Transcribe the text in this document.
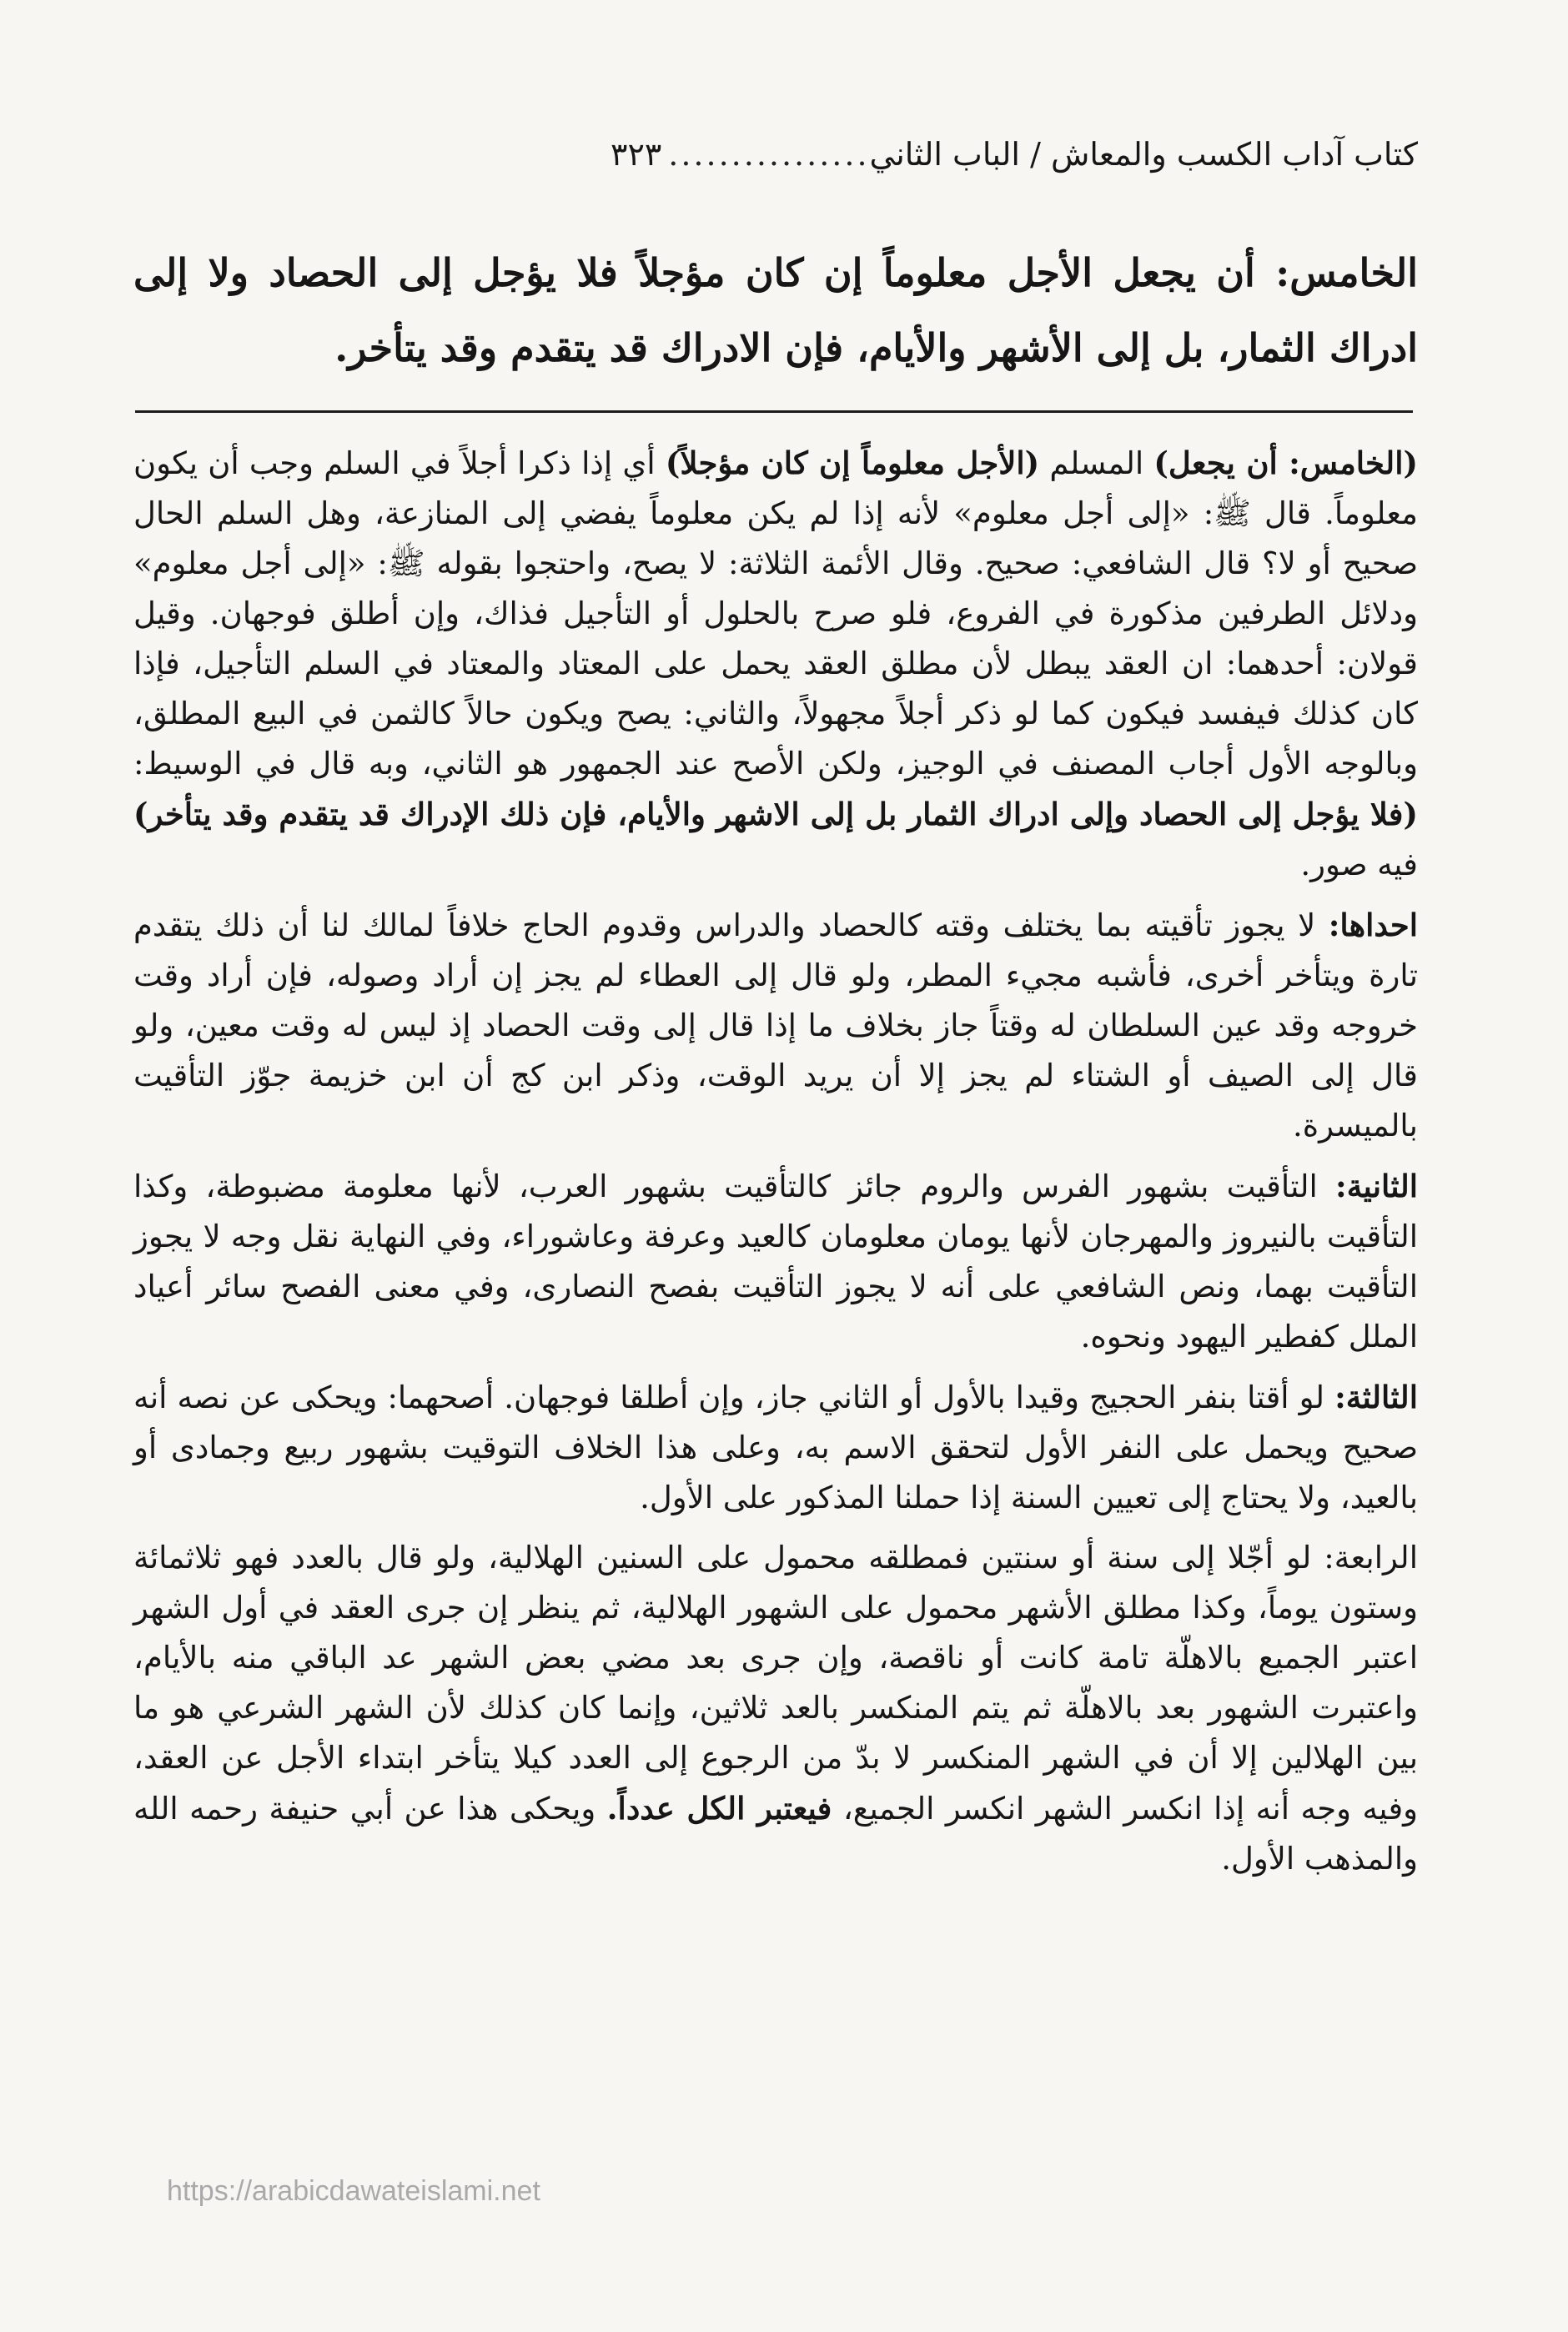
كتاب آداب الكسب والمعاش / الباب الثاني
................
٣٢٣
الخامس: أن يجعل الأجل معلوماً إن كان مؤجلاً فلا يؤجل إلى الحصاد ولا إلى ادراك الثمار، بل إلى الأشهر والأيام، فإن الادراك قد يتقدم وقد يتأخر.

(الخامس: أن يجعل) المسلم (الأجل معلوماً إن كان مؤجلاً) أي إذا ذكرا أجلاً في السلم وجب أن يكون معلوماً. قال ﷺ: «إلى أجل معلوم» لأنه إذا لم يكن معلوماً يفضي إلى المنازعة، وهل السلم الحال صحيح أو لا؟ قال الشافعي: صحيح. وقال الأئمة الثلاثة: لا يصح، واحتجوا بقوله ﷺ: «إلى أجل معلوم» ودلائل الطرفين مذكورة في الفروع، فلو صرح بالحلول أو التأجيل فذاك، وإن أطلق فوجهان. وقيل قولان: أحدهما: ان العقد يبطل لأن مطلق العقد يحمل على المعتاد والمعتاد في السلم التأجيل، فإذا كان كذلك فيفسد فيكون كما لو ذكر أجلاً مجهولاً، والثاني: يصح ويكون حالاً كالثمن في البيع المطلق، وبالوجه الأول أجاب المصنف في الوجيز، ولكن الأصح عند الجمهور هو الثاني، وبه قال في الوسيط: (فلا يؤجل إلى الحصاد وإلى ادراك الثمار بل إلى الاشهر والأيام، فإن ذلك الإدراك قد يتقدم وقد يتأخر) فيه صور.

احداها: لا يجوز تأقيته بما يختلف وقته كالحصاد والدراس وقدوم الحاج خلافاً لمالك لنا أن ذلك يتقدم تارة ويتأخر أخرى، فأشبه مجيء المطر، ولو قال إلى العطاء لم يجز إن أراد وصوله، فإن أراد وقت خروجه وقد عين السلطان له وقتاً جاز بخلاف ما إذا قال إلى وقت الحصاد إذ ليس له وقت معين، ولو قال إلى الصيف أو الشتاء لم يجز إلا أن يريد الوقت، وذكر ابن كج أن ابن خزيمة جوّز التأقيت بالميسرة.

الثانية: التأقيت بشهور الفرس والروم جائز كالتأقيت بشهور العرب، لأنها معلومة مضبوطة، وكذا التأقيت بالنيروز والمهرجان لأنها يومان معلومان كالعيد وعرفة وعاشوراء، وفي النهاية نقل وجه لا يجوز التأقيت بهما، ونص الشافعي على أنه لا يجوز التأقيت بفصح النصارى، وفي معنى الفصح سائر أعياد الملل كفطير اليهود ونحوه.

الثالثة: لو أقتا بنفر الحجيج وقيدا بالأول أو الثاني جاز، وإن أطلقا فوجهان. أصحهما: ويحكى عن نصه أنه صحيح ويحمل على النفر الأول لتحقق الاسم به، وعلى هذا الخلاف التوقيت بشهور ربيع وجمادى أو بالعيد، ولا يحتاج إلى تعيين السنة إذا حملنا المذكور على الأول.

الرابعة: لو أجّلا إلى سنة أو سنتين فمطلقه محمول على السنين الهلالية، ولو قال بالعدد فهو ثلاثمائة وستون يوماً، وكذا مطلق الأشهر محمول على الشهور الهلالية، ثم ينظر إن جرى العقد في أول الشهر اعتبر الجميع بالاهلّة تامة كانت أو ناقصة، وإن جرى بعد مضي بعض الشهر عد الباقي منه بالأيام، واعتبرت الشهور بعد بالاهلّة ثم يتم المنكسر بالعد ثلاثين، وإنما كان كذلك لأن الشهر الشرعي هو ما بين الهلالين إلا أن في الشهر المنكسر لا بدّ من الرجوع إلى العدد كيلا يتأخر ابتداء الأجل عن العقد، وفيه وجه أنه إذا انكسر الشهر انكسر الجميع، فيعتبر الكل عدداً. ويحكى هذا عن أبي حنيفة رحمه الله والمذهب الأول.

https://arabicdawateislami.net
